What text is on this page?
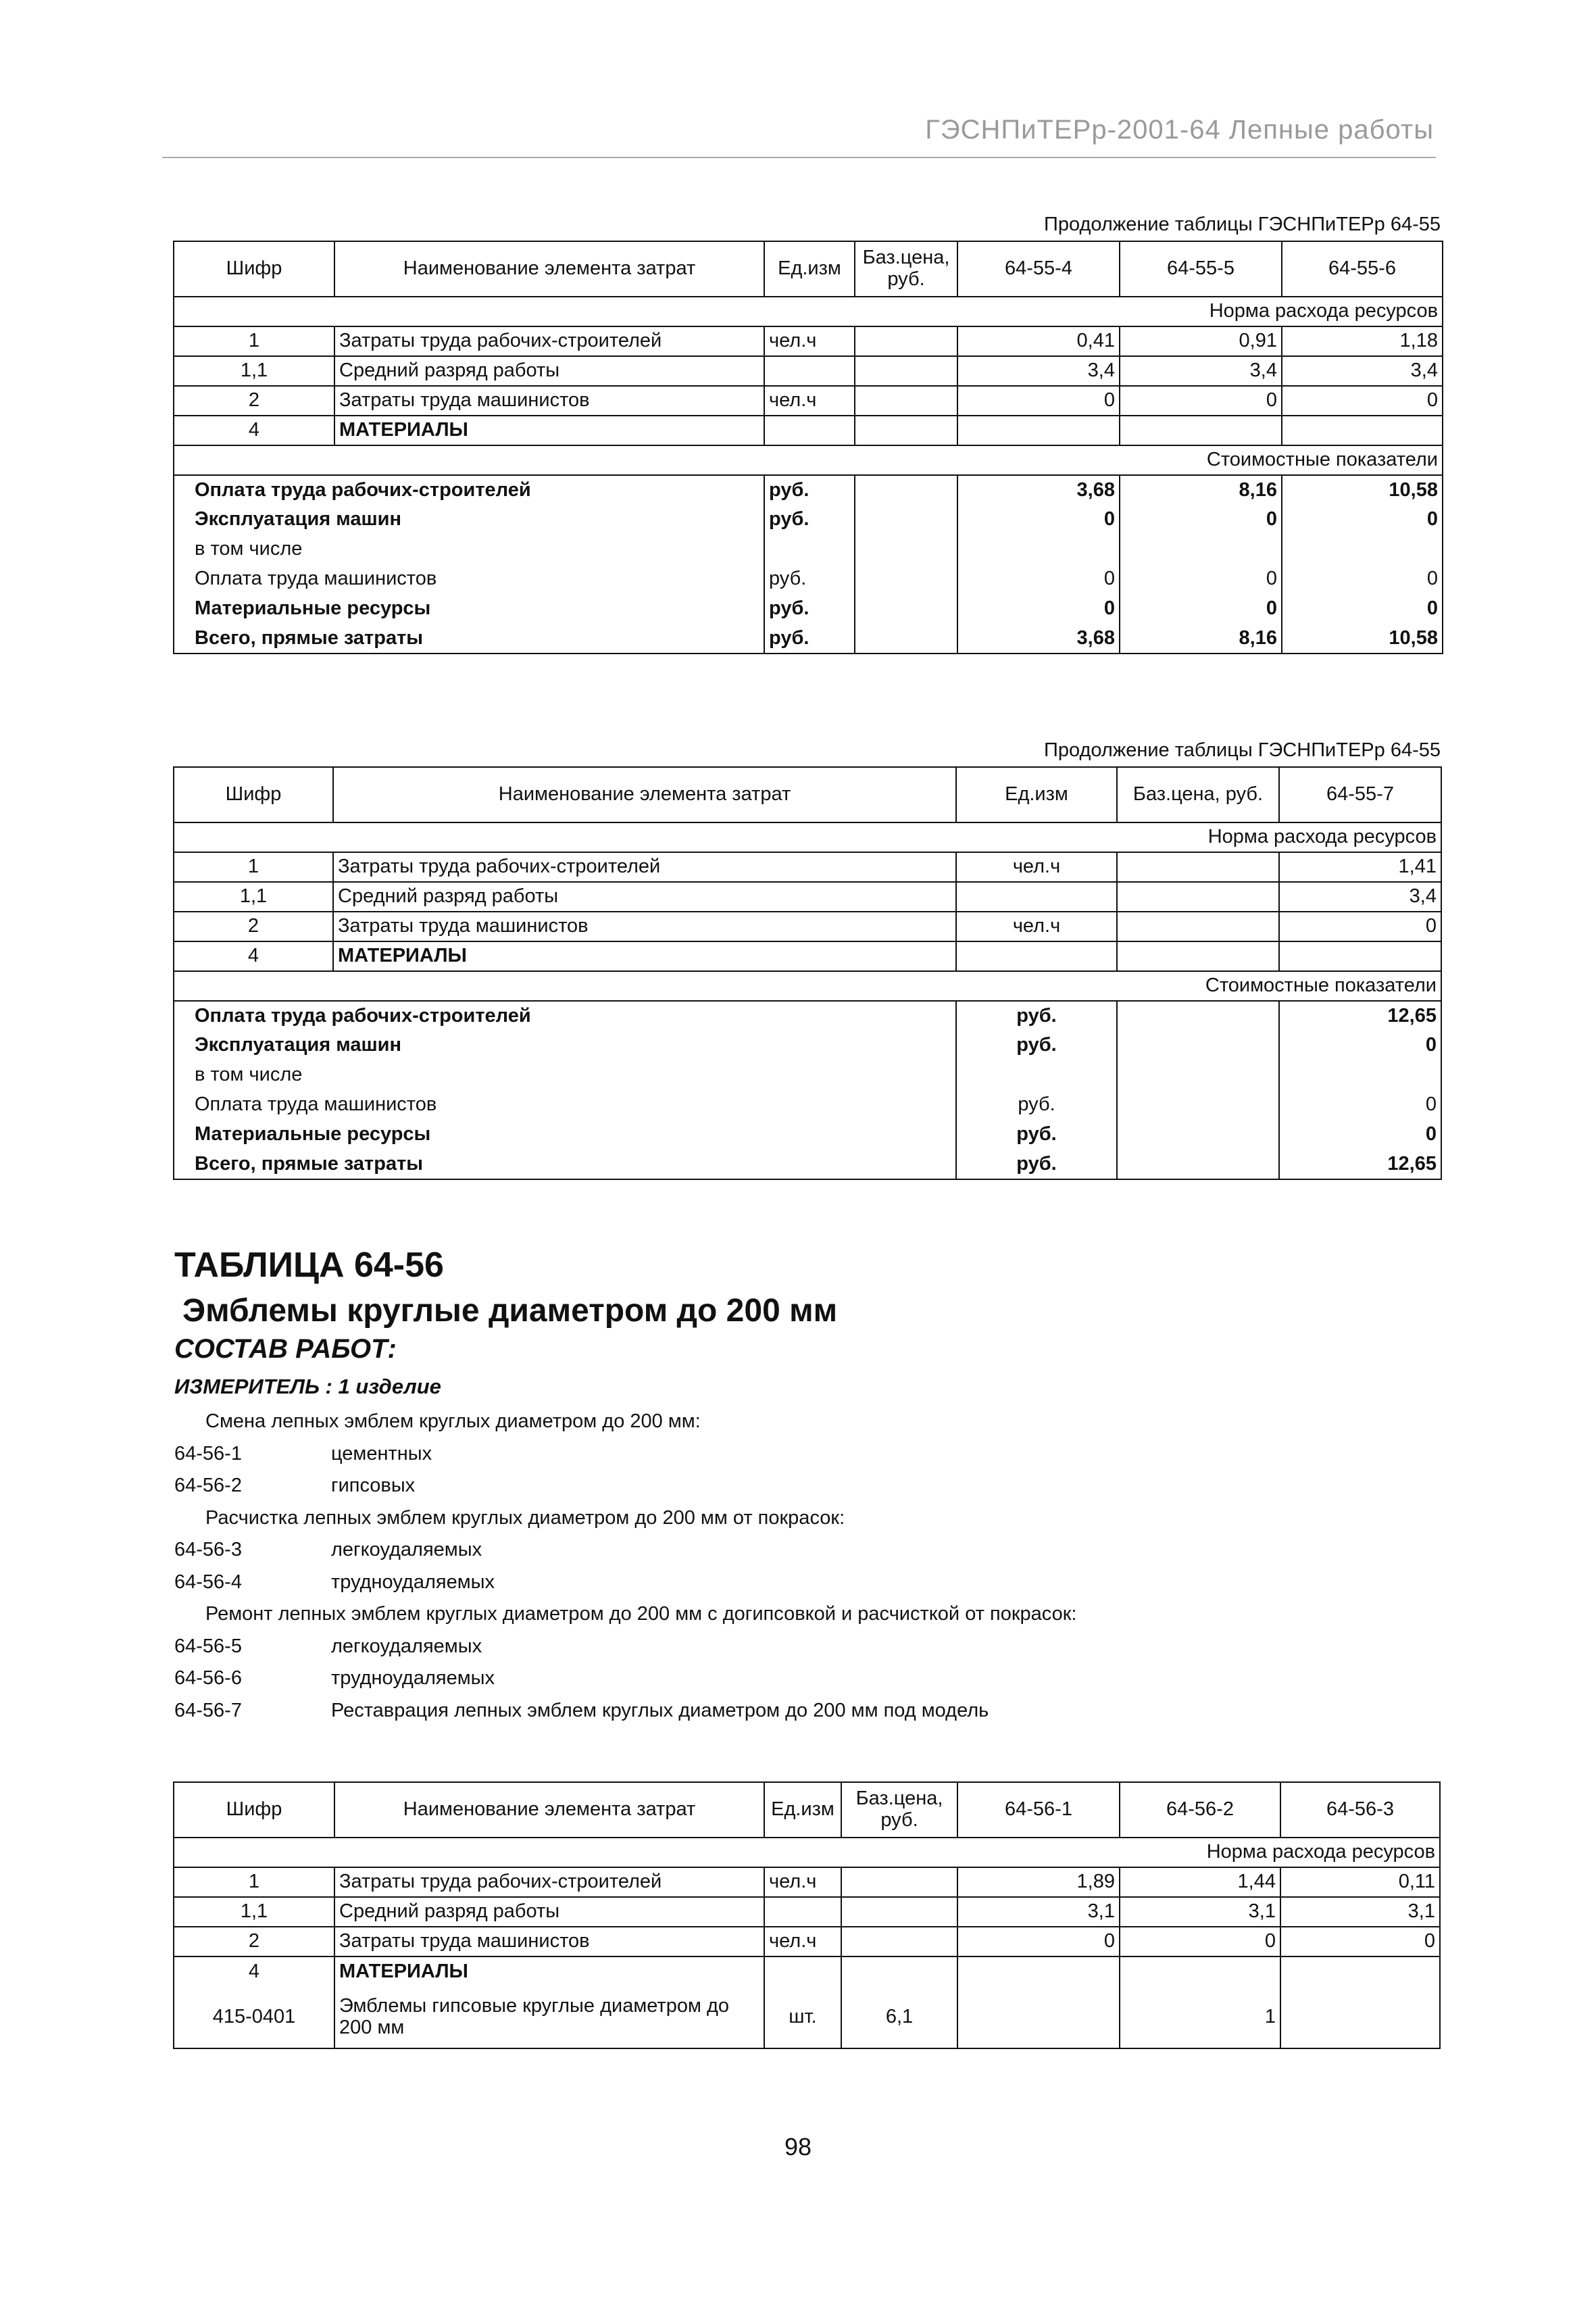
ГЭСНПиТЕРр-2001-64 Лепные работы
Продолжение таблицы ГЭСНПиТЕРр 64-55
Шифр	Наименование элемента затрат	Ед.изм	Баз.цена, руб.	64-55-4	64-55-5	64-55-6
Норма расхода ресурсов						
1	Затраты труда рабочих-строителей	чел.ч		0,41	0,91	1,18
1,1	Средний разряд работы			3,4	3,4	3,4
2	Затраты труда машинистов	чел.ч		0	0	0
4	МАТЕРИАЛЫ					
Стоимостные показатели						
Оплата труда рабочих-строителей		руб.		3,68	8,16	10,58
Эксплуатация машин		руб.		0	0	0
в том числе						
Оплата труда машинистов		руб.		0	0	0
Материальные ресурсы		руб.		0	0	0
Всего, прямые затраты		руб.		3,68	8,16	10,58
Продолжение таблицы ГЭСНПиТЕРр 64-55
Шифр	Наименование элемента затрат	Ед.изм	Баз.цена, руб.	64-55-7
Норма расхода ресурсов				
1	Затраты труда рабочих-строителей	чел.ч		1,41
1,1	Средний разряд работы			3,4
2	Затраты труда машинистов	чел.ч		0
4	МАТЕРИАЛЫ			
Стоимостные показатели				
Оплата труда рабочих-строителей		руб.		12,65
Эксплуатация машин		руб.		0
в том числе				
Оплата труда машинистов		руб.		0
Материальные ресурсы		руб.		0
Всего, прямые затраты		руб.		12,65
ТАБЛИЦА 64-56
Эмблемы круглые диаметром до 200 мм
СОСТАВ РАБОТ:
ИЗМЕРИТЕЛЬ : 1 изделие
Смена лепных эмблем круглых диаметром до 200 мм:
64-56-1	цементных
64-56-2	гипсовых
Расчистка лепных эмблем круглых диаметром до 200 мм от покрасок:
64-56-3	легкоудаляемых
64-56-4	трудноудаляемых
Ремонт лепных эмблем круглых диаметром до 200 мм с догипсовкой и расчисткой от покрасок:
64-56-5	легкоудаляемых
64-56-6	трудноудаляемых
64-56-7	Реставрация лепных эмблем круглых диаметром до 200 мм под модель
Шифр	Наименование элемента затрат	Ед.изм	Баз.цена, руб.	64-56-1	64-56-2	64-56-3
Норма расхода ресурсов						
1	Затраты труда рабочих-строителей	чел.ч		1,89	1,44	0,11
1,1	Средний разряд работы			3,1	3,1	3,1
2	Затраты труда машинистов	чел.ч		0	0	0
4	МАТЕРИАЛЫ					
415-0401	Эмблемы гипсовые круглые диаметром до 200 мм	шт.	6,1		1	
98
